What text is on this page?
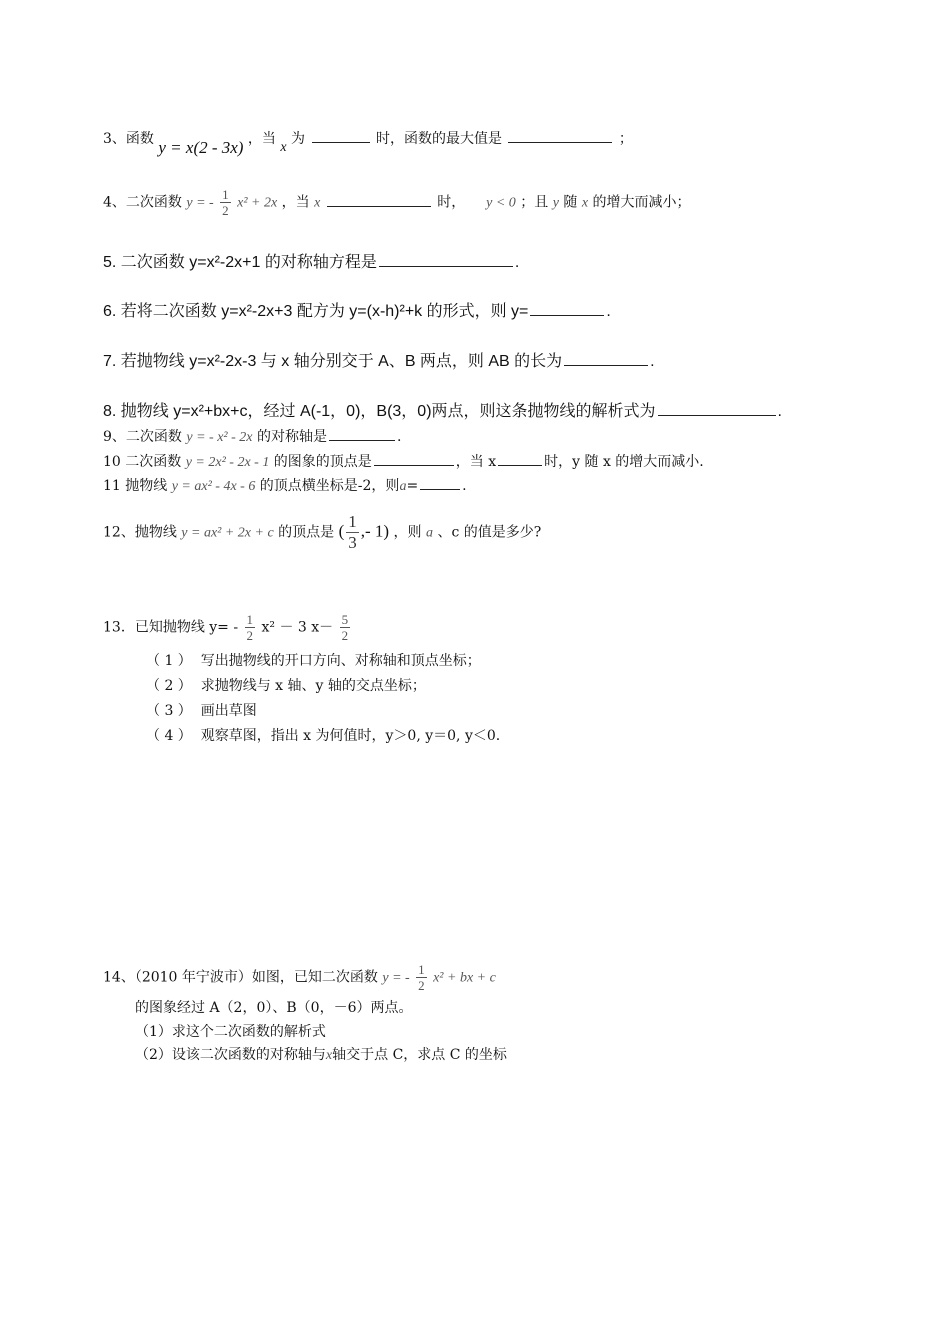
3、函数 y = x(2 - 3x) ，当 x 为	时，函数的最大值是	；
4、二次函数 y = - $\frac{1}{2} x^2 + 2x$ ，当 x	时， y < 0 ；且 y 随 x 的增大而减小；
5. 二次函数 y=x²-2x+1 的对称轴方程是	.
6. 若将二次函数 y=x²-2x+3 配方为 y=(x-h)²+k 的形式，则 y=	.
7. 若抛物线 y=x²-2x-3 与 x 轴分别交于 A、B 两点，则 AB 的长为	.
8. 抛物线 y=x²+bx+c，经过 A(-1，0)，B(3，0)两点，则这条抛物线的解析式为	.
9、二次函数 y = - x² - 2x 的对称轴是	.
10 二次函数 y = 2x² - 2x - 1 的图象的顶点是	，当 x	时，y 随 x 的增大而减小.
11 抛物线 y = ax² - 4x - 6 的顶点横坐标是-2，则a=	.
12、抛物线 y = ax² + 2x + c 的顶点是 ( $\frac{1}{3}$ ,- 1) ，则 a 、c 的值是多少?
13．已知抛物线 $y= - \frac{1}{2} x^2 - 3$ $x- \frac{5}{2}$
（ 1 ） 写出抛物线的开口方向、对称轴和顶点坐标；
（ 2 ） 求抛物线与 x 轴、y 轴的交点坐标；
（ 3 ） 画出草图
（ 4 ） 观察草图，指出 x 为何值时，y＞0, y＝0, y＜0.
14、（2010 年宁波市）如图，已知二次函数 y = - $\frac{1}{2} x^2$ + bx + c
的图象经过 A（2，0）、B（0，－6）两点。
（1）求这个二次函数的解析式
（2）设该二次函数的对称轴与x轴交于点 C，求点 C 的坐标
